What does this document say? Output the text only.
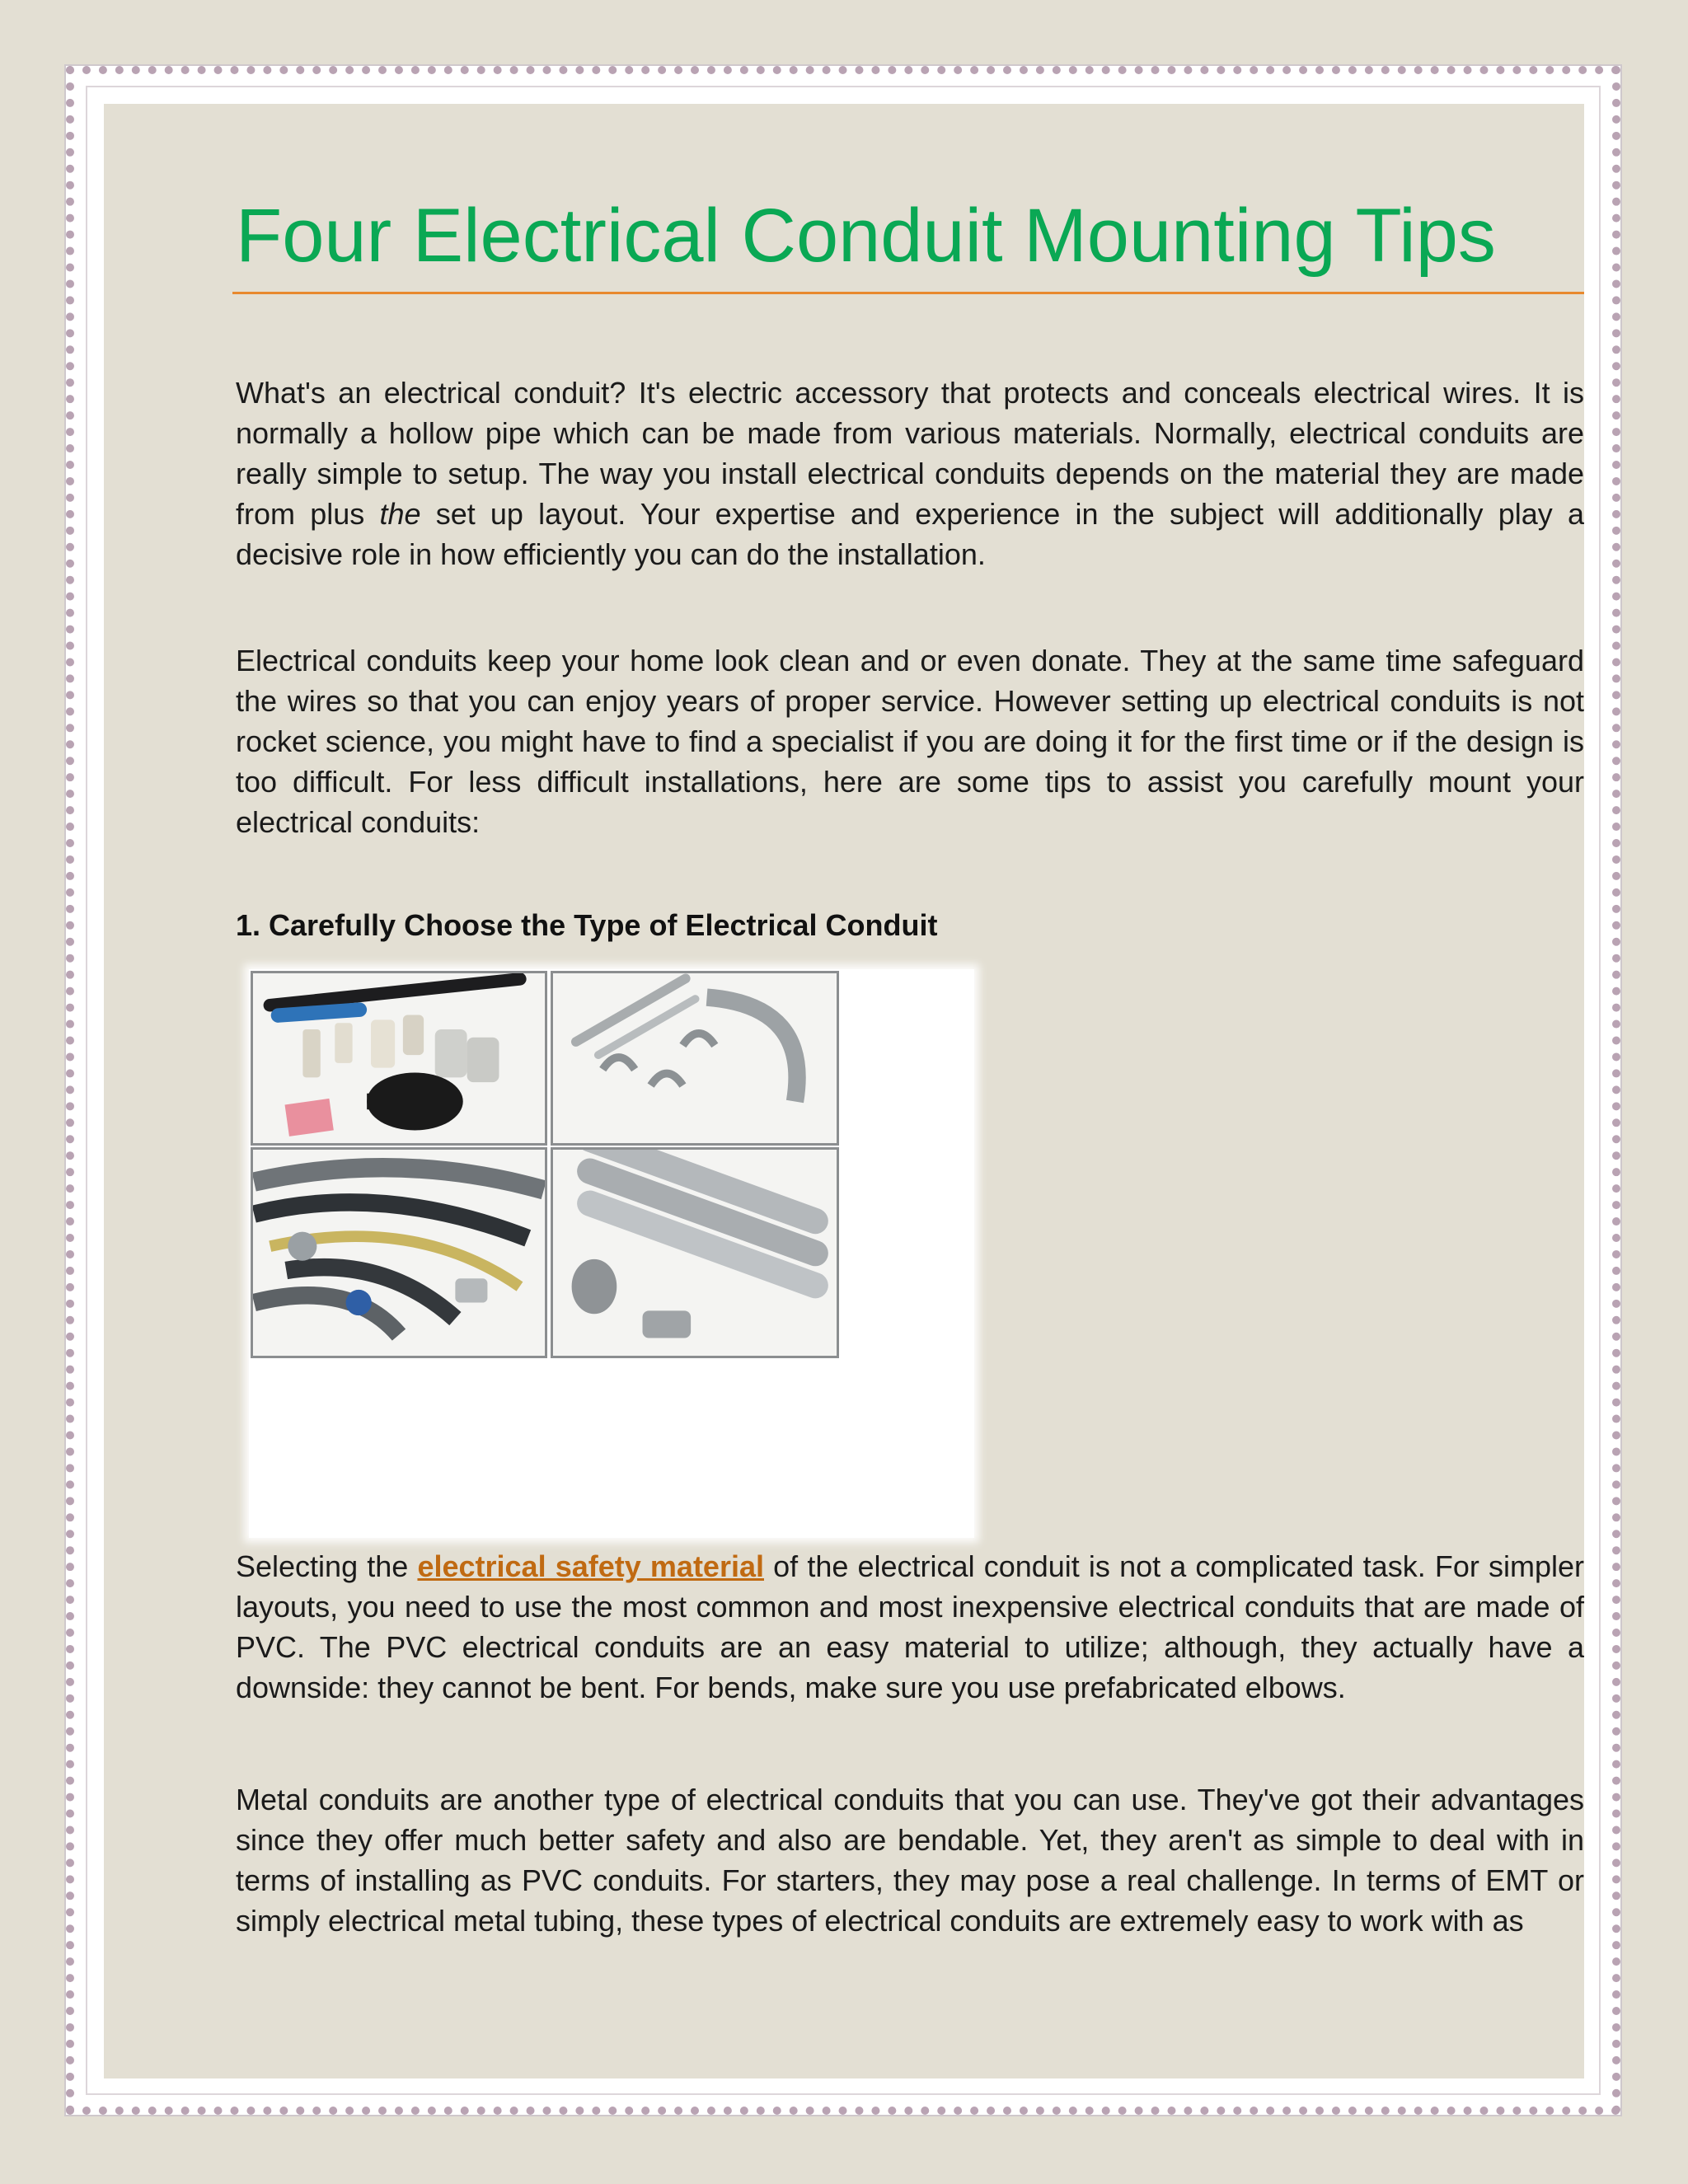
Four Electrical Conduit Mounting Tips

What's an electrical conduit? It's electric accessory that protects and conceals electrical wires. It is normally a hollow pipe which can be made from various materials. Normally, electrical conduits are really simple to setup. The way you install electrical conduits depends on the material they are made from plus the set up layout. Your expertise and experience in the subject will additionally play a decisive role in how efficiently you can do the installation.

Electrical conduits keep your home look clean and or even donate. They at the same time safeguard the wires so that you can enjoy years of proper service. However setting up electrical conduits is not rocket science, you might have to find a specialist if you are doing it for the first time or if the design is too difficult. For less difficult installations, here are some tips to assist you carefully mount your electrical conduits:

1. Carefully Choose the Type of Electrical Conduit

Selecting the electrical safety material of the electrical conduit is not a complicated task. For simpler layouts, you need to use the most common and most inexpensive electrical conduits that are made of PVC. The PVC electrical conduits are an easy material to utilize; although, they actually have a downside: they cannot be bent. For bends, make sure you use prefabricated elbows.

Metal conduits are another type of electrical conduits that you can use. They've got their advantages since they offer much better safety and also are bendable. Yet, they aren't as simple to deal with in terms of installing as PVC conduits. For starters, they may pose a real challenge. In terms of EMT or simply electrical metal tubing, these types of electrical conduits are extremely easy to work with as
